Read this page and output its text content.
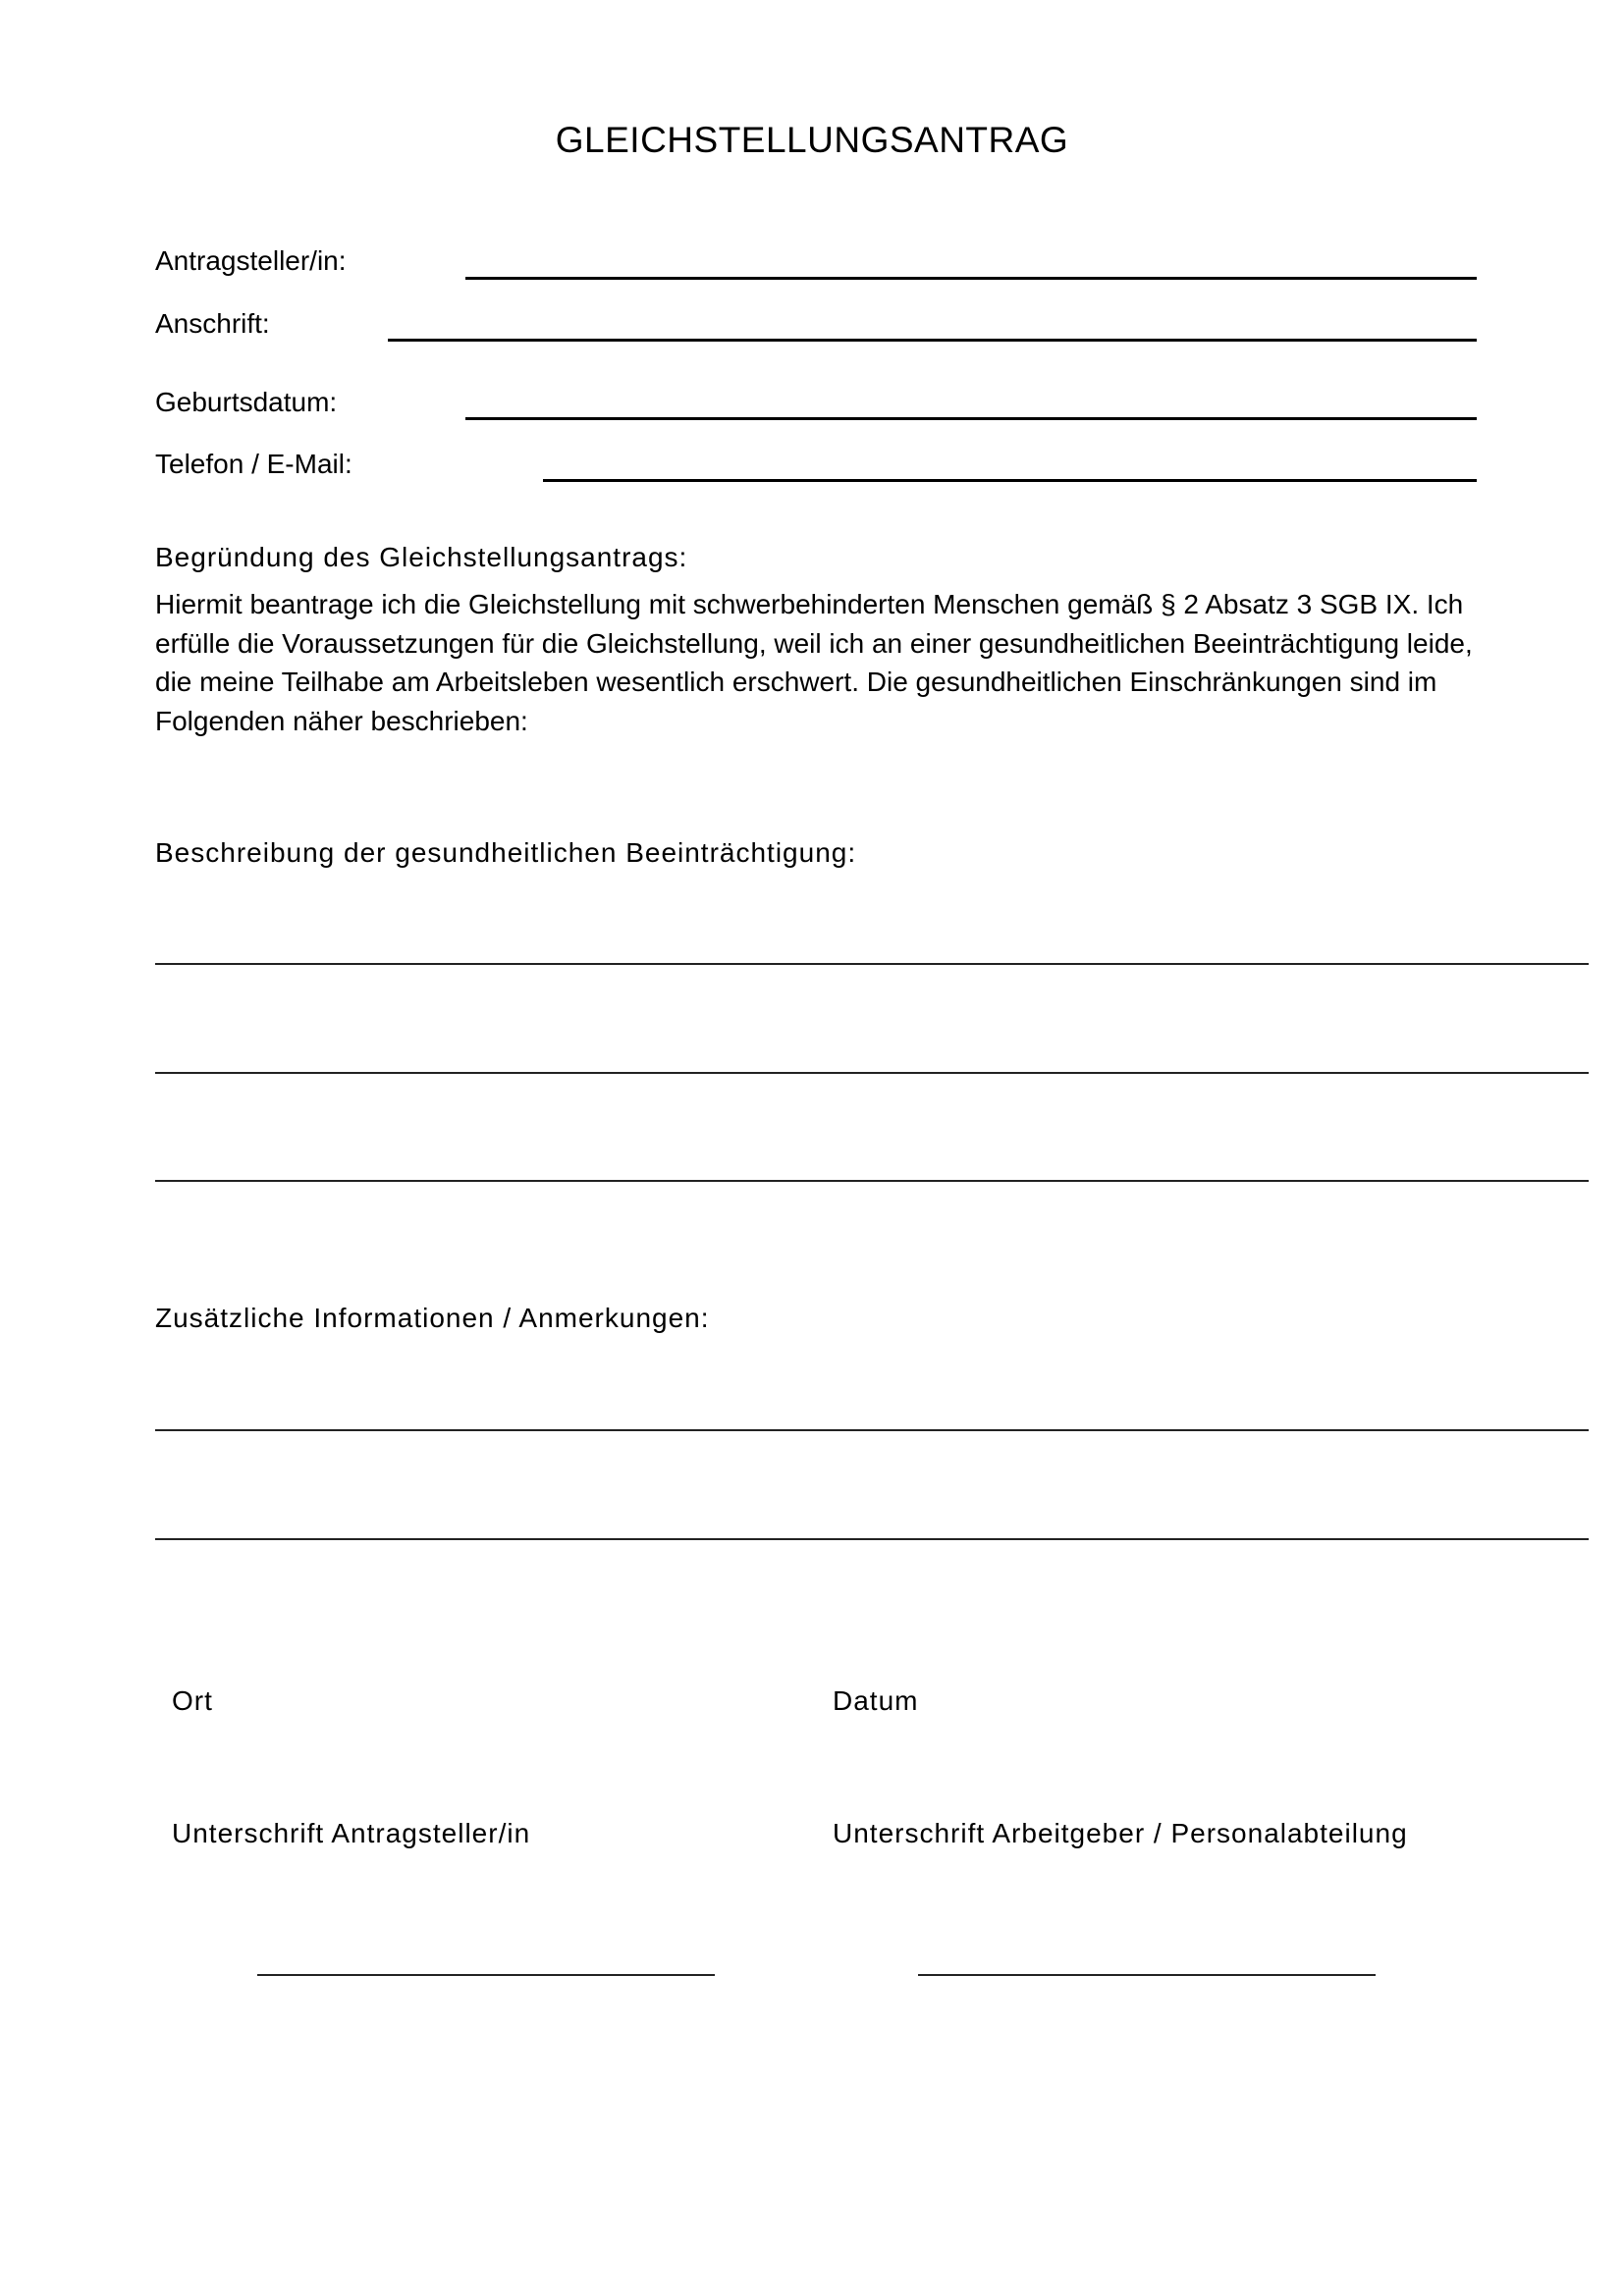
GLEICHSTELLUNGSANTRAG
Antragsteller/in:
Anschrift:
Geburtsdatum:
Telefon / E-Mail:
Begründung des Gleichstellungsantrags:
Hiermit beantrage ich die Gleichstellung mit schwerbehinderten Menschen gemäß § 2 Absatz 3 SGB IX. Ich erfülle die Voraussetzungen für die Gleichstellung, weil ich an einer gesundheitlichen Beeinträchtigung leide, die meine Teilhabe am Arbeitsleben wesentlich erschwert. Die gesundheitlichen Einschränkungen sind im Folgenden näher beschrieben:
Beschreibung der gesundheitlichen Beeinträchtigung:
Zusätzliche Informationen / Anmerkungen:
Ort	Datum
Unterschrift Antragsteller/in	Unterschrift Arbeitgeber / Personalabteilung
